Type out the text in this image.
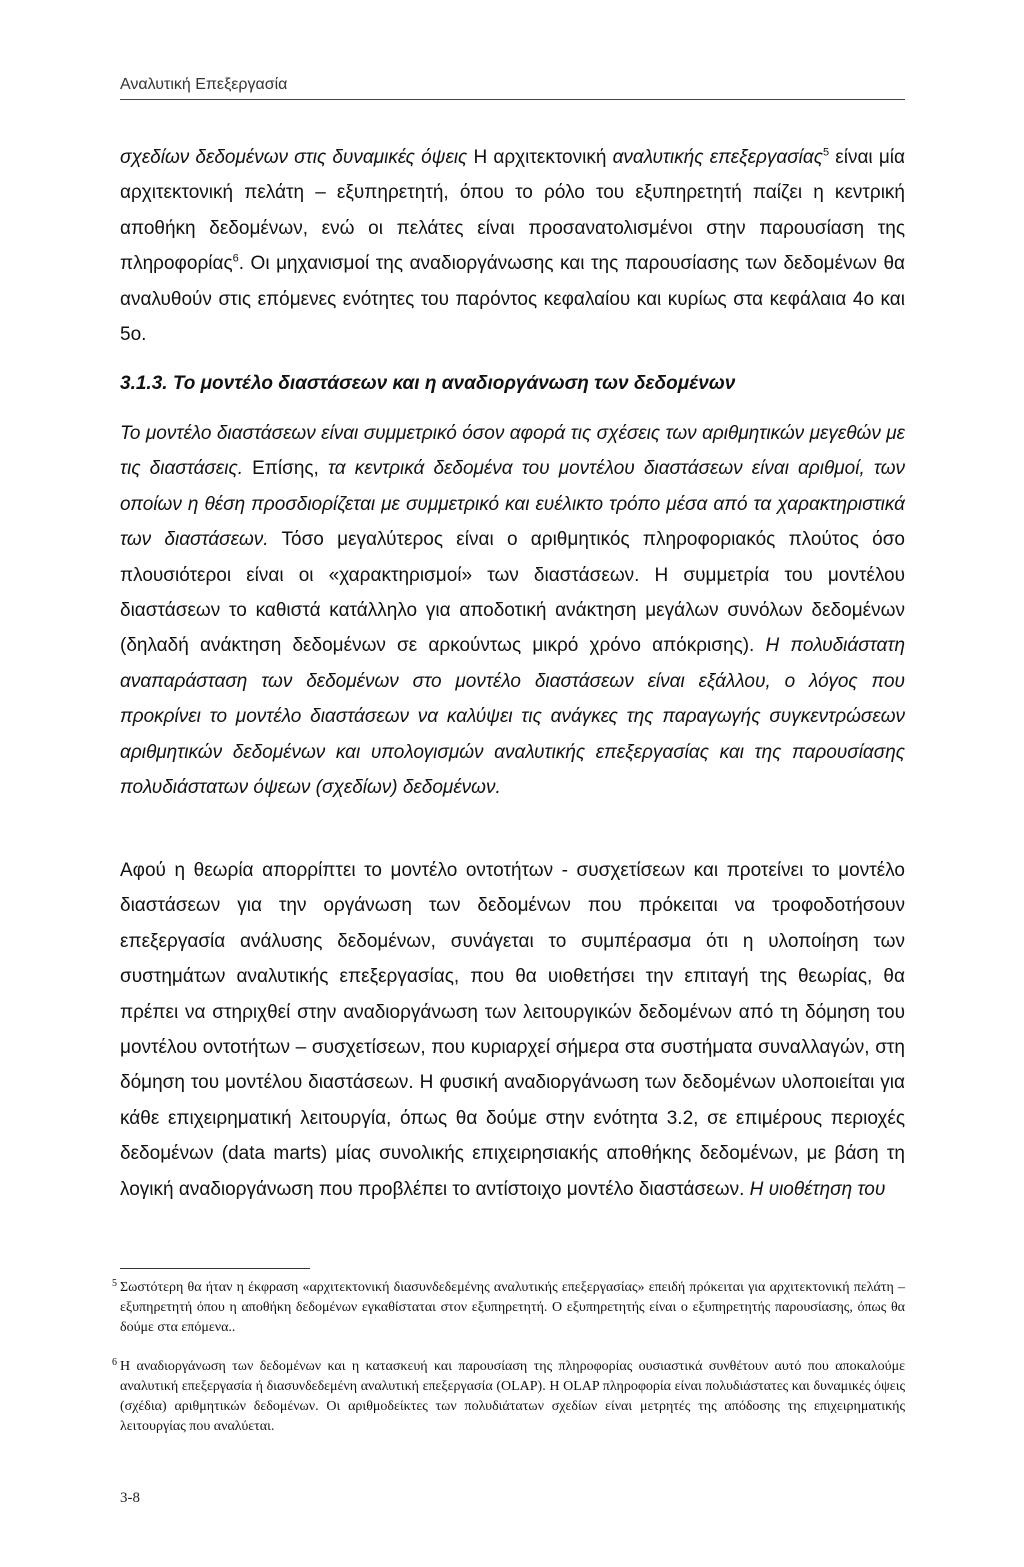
Αναλυτική Επεξεργασία

σχεδίων δεδομένων στις δυναμικές όψεις Η αρχιτεκτονική αναλυτικής επεξεργασίας$^5$ είναι μία αρχιτεκτονική πελάτη – εξυπηρετητή, όπου το ρόλο του εξυπηρετητή παίζει η κεντρική αποθήκη δεδομένων, ενώ οι πελάτες είναι προσανατολισμένοι στην παρουσίαση της πληροφορίας$^6$. Οι μηχανισμοί της αναδιοργάνωσης και της παρουσίασης των δεδομένων θα αναλυθούν στις επόμενες ενότητες του παρόντος κεφαλαίου και κυρίως στα κεφάλαια 4ο και 5ο.

3.1.3. Το μοντέλο διαστάσεων και η αναδιοργάνωση των δεδομένων

Το μοντέλο διαστάσεων είναι συμμετρικό όσον αφορά τις σχέσεις των αριθμητικών μεγεθών με τις διαστάσεις. Επίσης, τα κεντρικά δεδομένα του μοντέλου διαστάσεων είναι αριθμοί, των οποίων η θέση προσδιορίζεται με συμμετρικό και ευέλικτο τρόπο μέσα από τα χαρακτηριστικά των διαστάσεων. Τόσο μεγαλύτερος είναι ο αριθμητικός πληροφοριακός πλούτος όσο πλουσιότεροι είναι οι «χαρακτηρισμοί» των διαστάσεων. Η συμμετρία του μοντέλου διαστάσεων το καθιστά κατάλληλο για αποδοτική ανάκτηση μεγάλων συνόλων δεδομένων (δηλαδή ανάκτηση δεδομένων σε αρκούντως μικρό χρόνο απόκρισης). Η πολυδιάστατη αναπαράσταση των δεδομένων στο μοντέλο διαστάσεων είναι εξάλλου, ο λόγος που προκρίνει το μοντέλο διαστάσεων να καλύψει τις ανάγκες της παραγωγής συγκεντρώσεων αριθμητικών δεδομένων και υπολογισμών αναλυτικής επεξεργασίας και της παρουσίασης πολυδιάστατων όψεων (σχεδίων) δεδομένων.

Αφού η θεωρία απορρίπτει το μοντέλο οντοτήτων - συσχετίσεων και προτείνει το μοντέλο διαστάσεων για την οργάνωση των δεδομένων που πρόκειται να τροφοδοτήσουν επεξεργασία ανάλυσης δεδομένων, συνάγεται το συμπέρασμα ότι η υλοποίηση των συστημάτων αναλυτικής επεξεργασίας, που θα υιοθετήσει την επιταγή της θεωρίας, θα πρέπει να στηριχθεί στην αναδιοργάνωση των λειτουργικών δεδομένων από τη δόμηση του μοντέλου οντοτήτων – συσχετίσεων, που κυριαρχεί σήμερα στα συστήματα συναλλαγών, στη δόμηση του μοντέλου διαστάσεων. Η φυσική αναδιοργάνωση των δεδομένων υλοποιείται για κάθε επιχειρηματική λειτουργία, όπως θα δούμε στην ενότητα 3.2, σε επιμέρους περιοχές δεδομένων (data marts) μίας συνολικής επιχειρησιακής αποθήκης δεδομένων, με βάση τη λογική αναδιοργάνωση που προβλέπει το αντίστοιχο μοντέλο διαστάσεων. Η υιοθέτηση του

5 Σωστότερη θα ήταν η έκφραση «αρχιτεκτονική διασυνδεδεμένης αναλυτικής επεξεργασίας» επειδή πρόκειται για αρχιτεκτονική πελάτη – εξυπηρετητή όπου η αποθήκη δεδομένων εγκαθίσταται στον εξυπηρετητή. Ο εξυπηρετητής είναι ο εξυπηρετητής παρουσίασης, όπως θα δούμε στα επόμενα..

6 Η αναδιοργάνωση των δεδομένων και η κατασκευή και παρουσίαση της πληροφορίας ουσιαστικά συνθέτουν αυτό που αποκαλούμε αναλυτική επεξεργασία ή διασυνδεδεμένη αναλυτική επεξεργασία (OLAP). Η OLAP πληροφορία είναι πολυδιάστατες και δυναμικές όψεις (σχέδια) αριθμητικών δεδομένων. Οι αριθμοδείκτες των πολυδιάτατων σχεδίων είναι μετρητές της απόδοσης της επιχειρηματικής λειτουργίας που αναλύεται.

3-8
